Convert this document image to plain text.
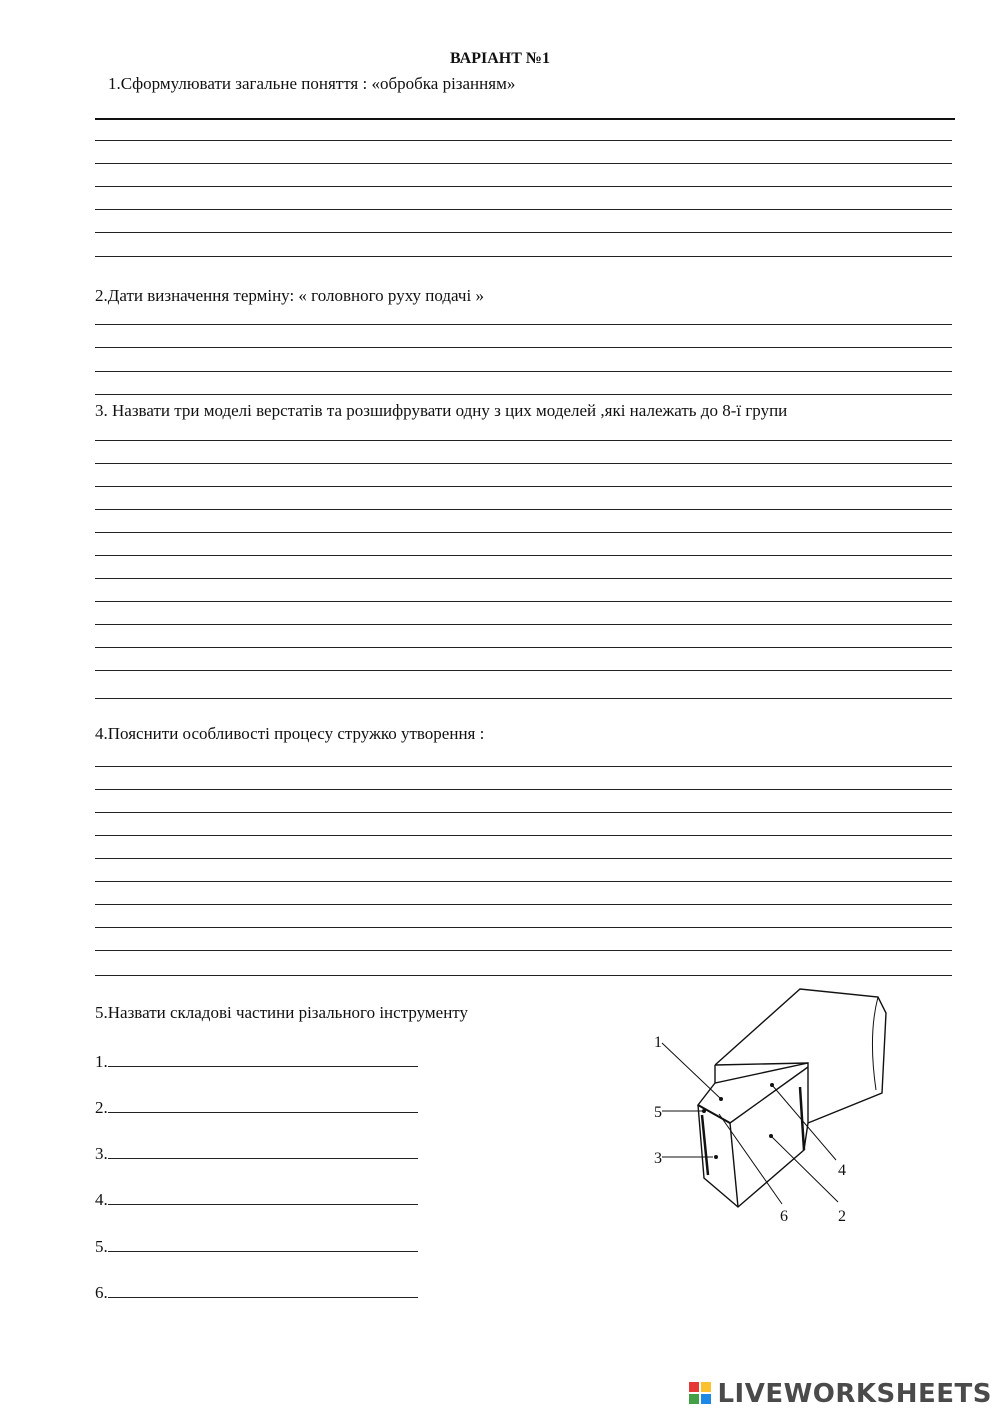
ВАРІАНТ №1
1.Сформулювати загальне поняття : «обробка різанням»
2.Дати визначення терміну: « головного руху подачі »
3. Назвати три моделі верстатів та розшифрувати одну з цих моделей ,які належать до 8-ї групи
4.Пояснити особливості процесу стружко утворення :
5.Назвати складові частини різального інструменту
1.
2.
3.
4.
5.
6.
1
2
3
4
5
6
LIVEWORKSHEETS
